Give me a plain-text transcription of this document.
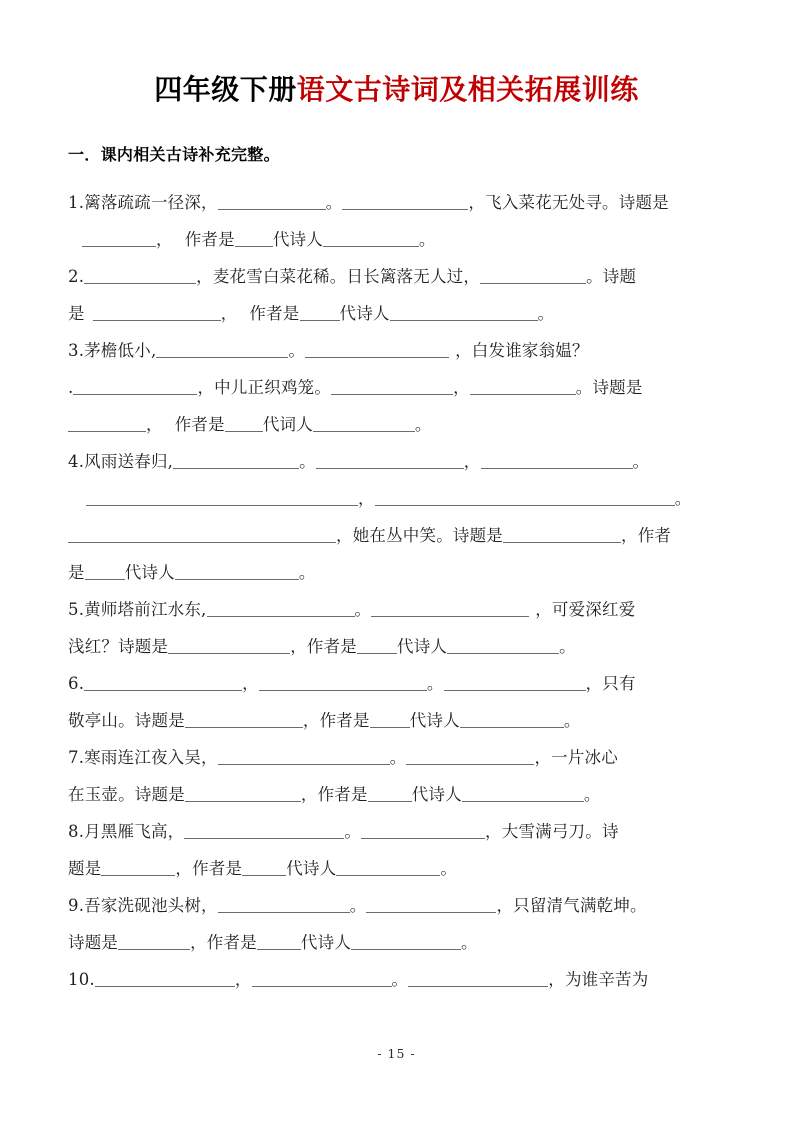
四年级下册语文古诗词及相关拓展训练
一．课内相关古诗补充完整。
1.篱落疏疏一径深，	。	，飞入菜花无处寻。诗题是
， 作者是 代诗人	。
2.	，麦花雪白菜花稀。日长篱落无人过，	。诗题
是	， 作者是 代诗人	。
3.茅檐低小,	。	，白发谁家翁媪？
.	，中儿正织鸡笼。	，	。诗题是
， 作者是 代词人	。
4.风雨送春归,	。	，	。
，	。
，她在丛中笑。诗题是	，作者
是 代诗人	。
5.黄师塔前江水东,	。	，可爱深红爱
浅红？诗题是	，作者是 代诗人	。
6.	，	。	，只有
敬亭山。诗题是	，作者是 代诗人	。
7.寒雨连江夜入吴，	。	，一片冰心
在玉壶。诗题是	，作者是	代诗人	。
8.月黑雁飞高，	。	，大雪满弓刀。诗
题是	，作者是	代诗人	。
9.吾家洗砚池头树，	。	，只留清气满乾坤。
诗题是	，作者是	代诗人	。
10.	，	。	，为谁辛苦为
- 15 -
